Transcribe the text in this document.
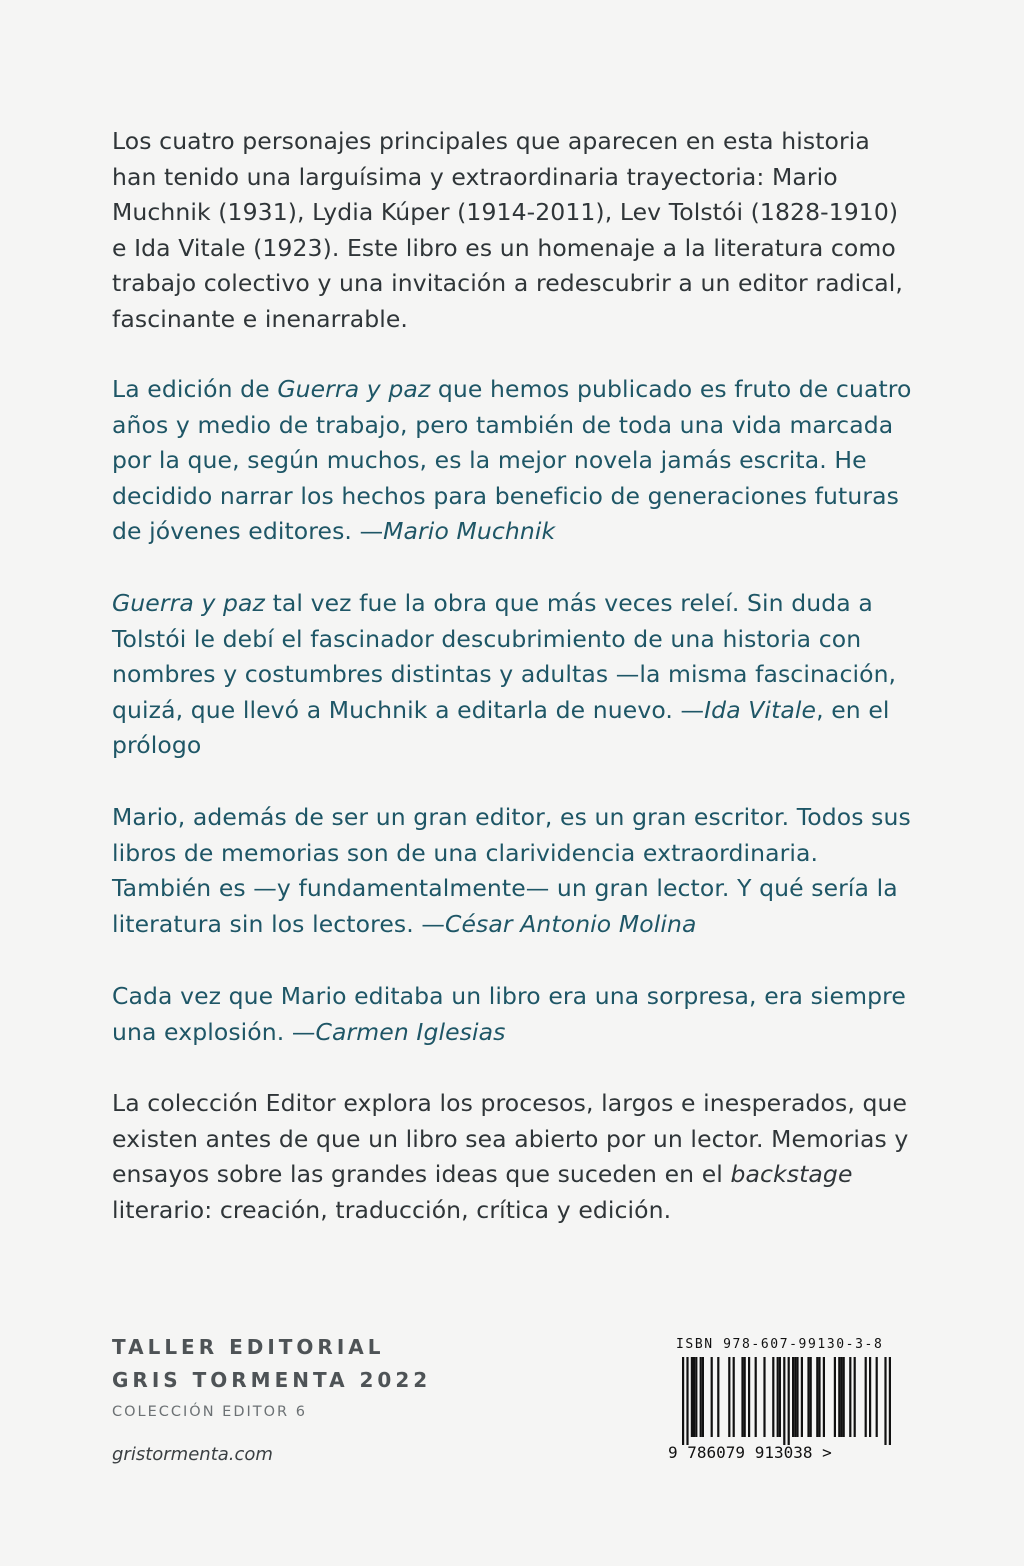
Los cuatro personajes principales que aparecen en esta historia han tenido una larguísima y extraordinaria trayectoria: Mario Muchnik (1931), Lydia Kúper (1914-2011), Lev Tolstói (1828-1910) e Ida Vitale (1923). Este libro es un homenaje a la literatura como trabajo colectivo y una invitación a redescubrir a un editor radical, fascinante e inenarrable.

La edición de Guerra y paz que hemos publicado es fruto de cuatro años y medio de trabajo, pero también de toda una vida marcada por la que, según muchos, es la mejor novela jamás escrita. He decidido narrar los hechos para beneficio de generaciones futuras de jóvenes editores. —Mario Muchnik

Guerra y paz tal vez fue la obra que más veces releí. Sin duda a Tolstói le debí el fascinador descubrimiento de una historia con nombres y costumbres distintas y adultas —la misma fascinación, quizá, que llevó a Muchnik a editarla de nuevo. —Ida Vitale, en el prólogo

Mario, además de ser un gran editor, es un gran escritor. Todos sus libros de memorias son de una clarividencia extraordinaria. También es —y fundamentalmente— un gran lector. Y qué sería la literatura sin los lectores. —César Antonio Molina

Cada vez que Mario editaba un libro era una sorpresa, era siempre una explosión. —Carmen Iglesias

La colección Editor explora los procesos, largos e inesperados, que existen antes de que un libro sea abierto por un lector. Memorias y ensayos sobre las grandes ideas que suceden en el backstage literario: creación, traducción, crítica y edición.

TALLER EDITORIAL
GRIS TORMENTA 2022
COLECCIÓN EDITOR 6
gristormenta.com
ISBN 978-607-99130-3-8
9 786079 913038 >
